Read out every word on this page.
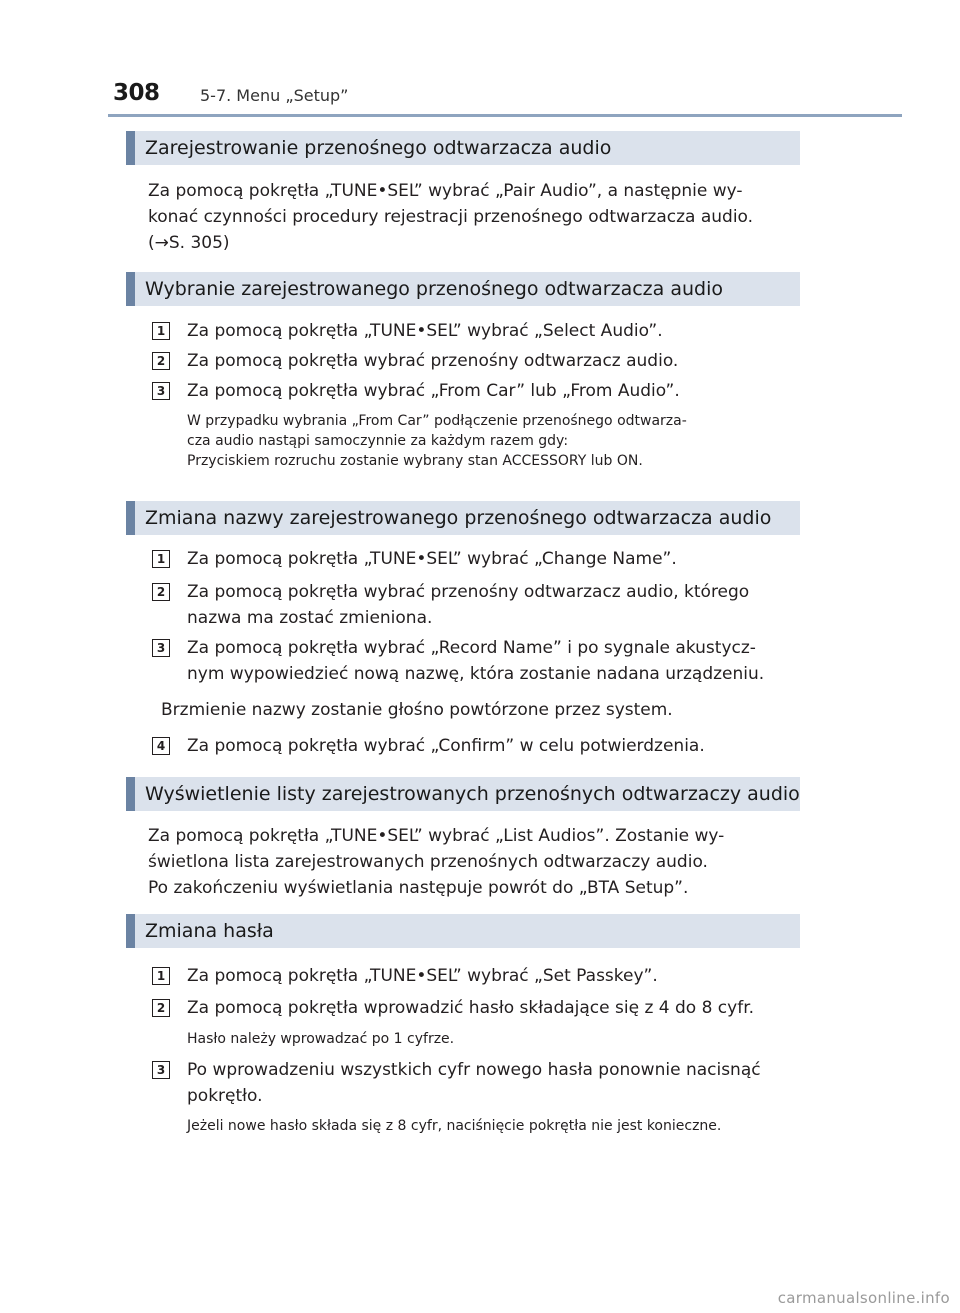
308	5-7. Menu „Setup”
Zarejestrowanie przenośnego odtwarzacza audio
Za pomocą pokrętła „TUNE•SEL” wybrać „Pair Audio”, a następnie wy-
konać czynności procedury rejestracji przenośnego odtwarzacza audio.
(→S. 305)
Wybranie zarejestrowanego przenośnego odtwarzacza audio
1 Za pomocą pokrętła „TUNE•SEL” wybrać „Select Audio”.
2 Za pomocą pokrętła wybrać przenośny odtwarzacz audio.
3 Za pomocą pokrętła wybrać „From Car” lub „From Audio”.
W przypadku wybrania „From Car” podłączenie przenośnego odtwarza-
cza audio nastąpi samoczynnie za każdym razem gdy:
Przyciskiem rozruchu zostanie wybrany stan ACCESSORY lub ON.
Zmiana nazwy zarejestrowanego przenośnego odtwarzacza audio
1 Za pomocą pokrętła „TUNE•SEL” wybrać „Change Name”.
2 Za pomocą pokrętła wybrać przenośny odtwarzacz audio, którego
nazwa ma zostać zmieniona.
3 Za pomocą pokrętła wybrać „Record Name” i po sygnale akustycz-
nym wypowiedzieć nową nazwę, która zostanie nadana urządzeniu.
Brzmienie nazwy zostanie głośno powtórzone przez system.
4 Za pomocą pokrętła wybrać „Confirm” w celu potwierdzenia.
Wyświetlenie listy zarejestrowanych przenośnych odtwarzaczy audio
Za pomocą pokrętła „TUNE•SEL” wybrać „List Audios”. Zostanie wy-
świetlona lista zarejestrowanych przenośnych odtwarzaczy audio.
Po zakończeniu wyświetlania następuje powrót do „BTA Setup”.
Zmiana hasła
1 Za pomocą pokrętła „TUNE•SEL” wybrać „Set Passkey”.
2 Za pomocą pokrętła wprowadzić hasło składające się z 4 do 8 cyfr.
Hasło należy wprowadzać po 1 cyfrze.
3 Po wprowadzeniu wszystkich cyfr nowego hasła ponownie nacisnąć
pokrętło.
Jeżeli nowe hasło składa się z 8 cyfr, naciśnięcie pokrętła nie jest konieczne.
carmanualsonline.info
